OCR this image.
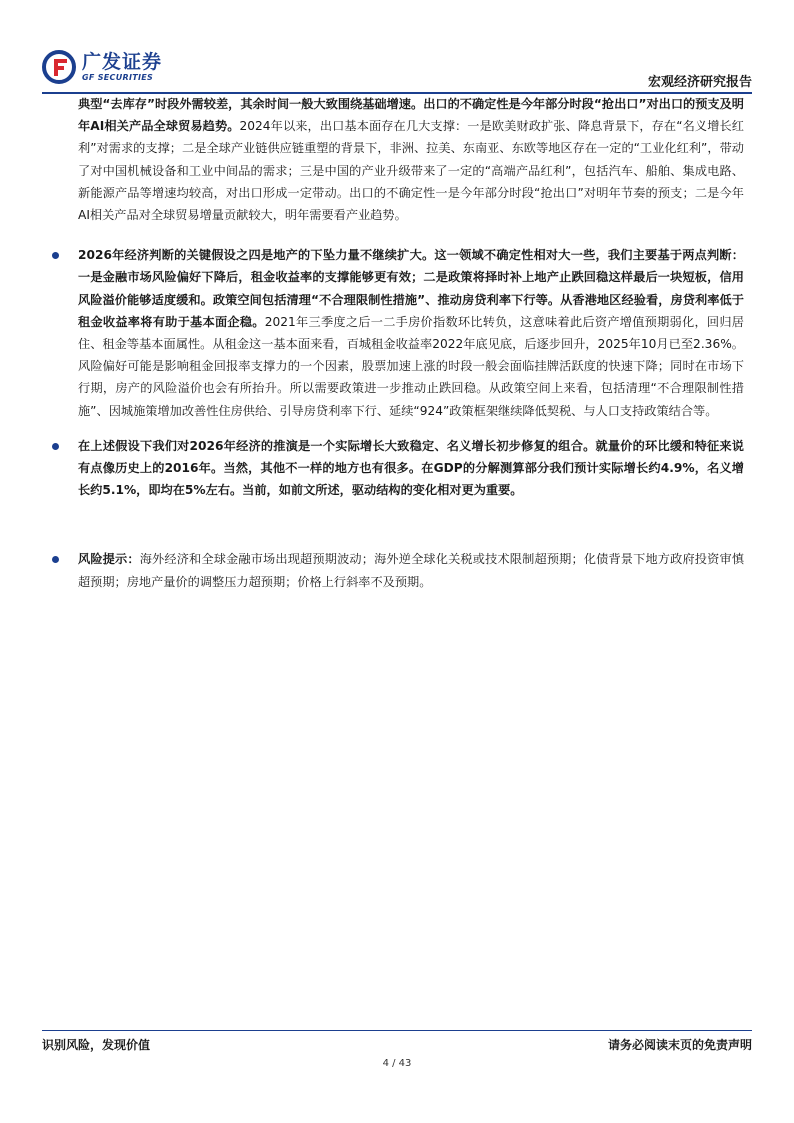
广发证券
GF SECURITIES	宏观经济研究报告

典型“去库存”时段外需较差，其余时间一般大致围绕基础增速。出口的不确定性是今年部分时段“抢出口”对出口的预支及明年AI相关产品全球贸易趋势。2024年以来，出口基本面存在几大支撑：一是欧美财政扩张、降息背景下，存在“名义增长红利”对需求的支撑；二是全球产业链供应链重塑的背景下，非洲、拉美、东南亚、东欧等地区存在一定的“工业化红利”，带动了对中国机械设备和工业中间品的需求；三是中国的产业升级带来了一定的“高端产品红利”，包括汽车、船舶、集成电路、新能源产品等增速均较高，对出口形成一定带动。出口的不确定性一是今年部分时段“抢出口”对明年节奏的预支；二是今年AI相关产品对全球贸易增量贡献较大，明年需要看产业趋势。

2026年经济判断的关键假设之四是地产的下坠力量不继续扩大。这一领域不确定性相对大一些，我们主要基于两点判断：一是金融市场风险偏好下降后，租金收益率的支撑能够更有效；二是政策将择时补上地产止跌回稳这样最后一块短板，信用风险溢价能够适度缓和。政策空间包括清理“不合理限制性措施”、推动房贷利率下行等。从香港地区经验看，房贷利率低于租金收益率将有助于基本面企稳。2021年三季度之后一二手房价指数环比转负，这意味着此后资产增值预期弱化，回归居住、租金等基本面属性。从租金这一基本面来看，百城租金收益率2022年底见底，后逐步回升，2025年10月已至2.36%。风险偏好可能是影响租金回报率支撑力的一个因素，股票加速上涨的时段一般会面临挂牌活跃度的快速下降；同时在市场下行期，房产的风险溢价也会有所抬升。所以需要政策进一步推动止跌回稳。从政策空间上来看，包括清理“不合理限制性措施”、因城施策增加改善性住房供给、引导房贷利率下行、延续“924”政策框架继续降低契税、与人口支持政策结合等。

在上述假设下我们对2026年经济的推演是一个实际增长大致稳定、名义增长初步修复的组合。就量价的环比缓和特征来说有点像历史上的2016年。当然，其他不一样的地方也有很多。在GDP的分解测算部分我们预计实际增长约4.9%，名义增长约5.1%，即均在5%左右。当前，如前文所述，驱动结构的变化相对更为重要。

风险提示：海外经济和全球金融市场出现超预期波动；海外逆全球化关税或技术限制超预期；化债背景下地方政府投资审慎超预期；房地产量价的调整压力超预期；价格上行斜率不及预期。

识别风险，发现价值	请务必阅读末页的免责声明
4 / 43
